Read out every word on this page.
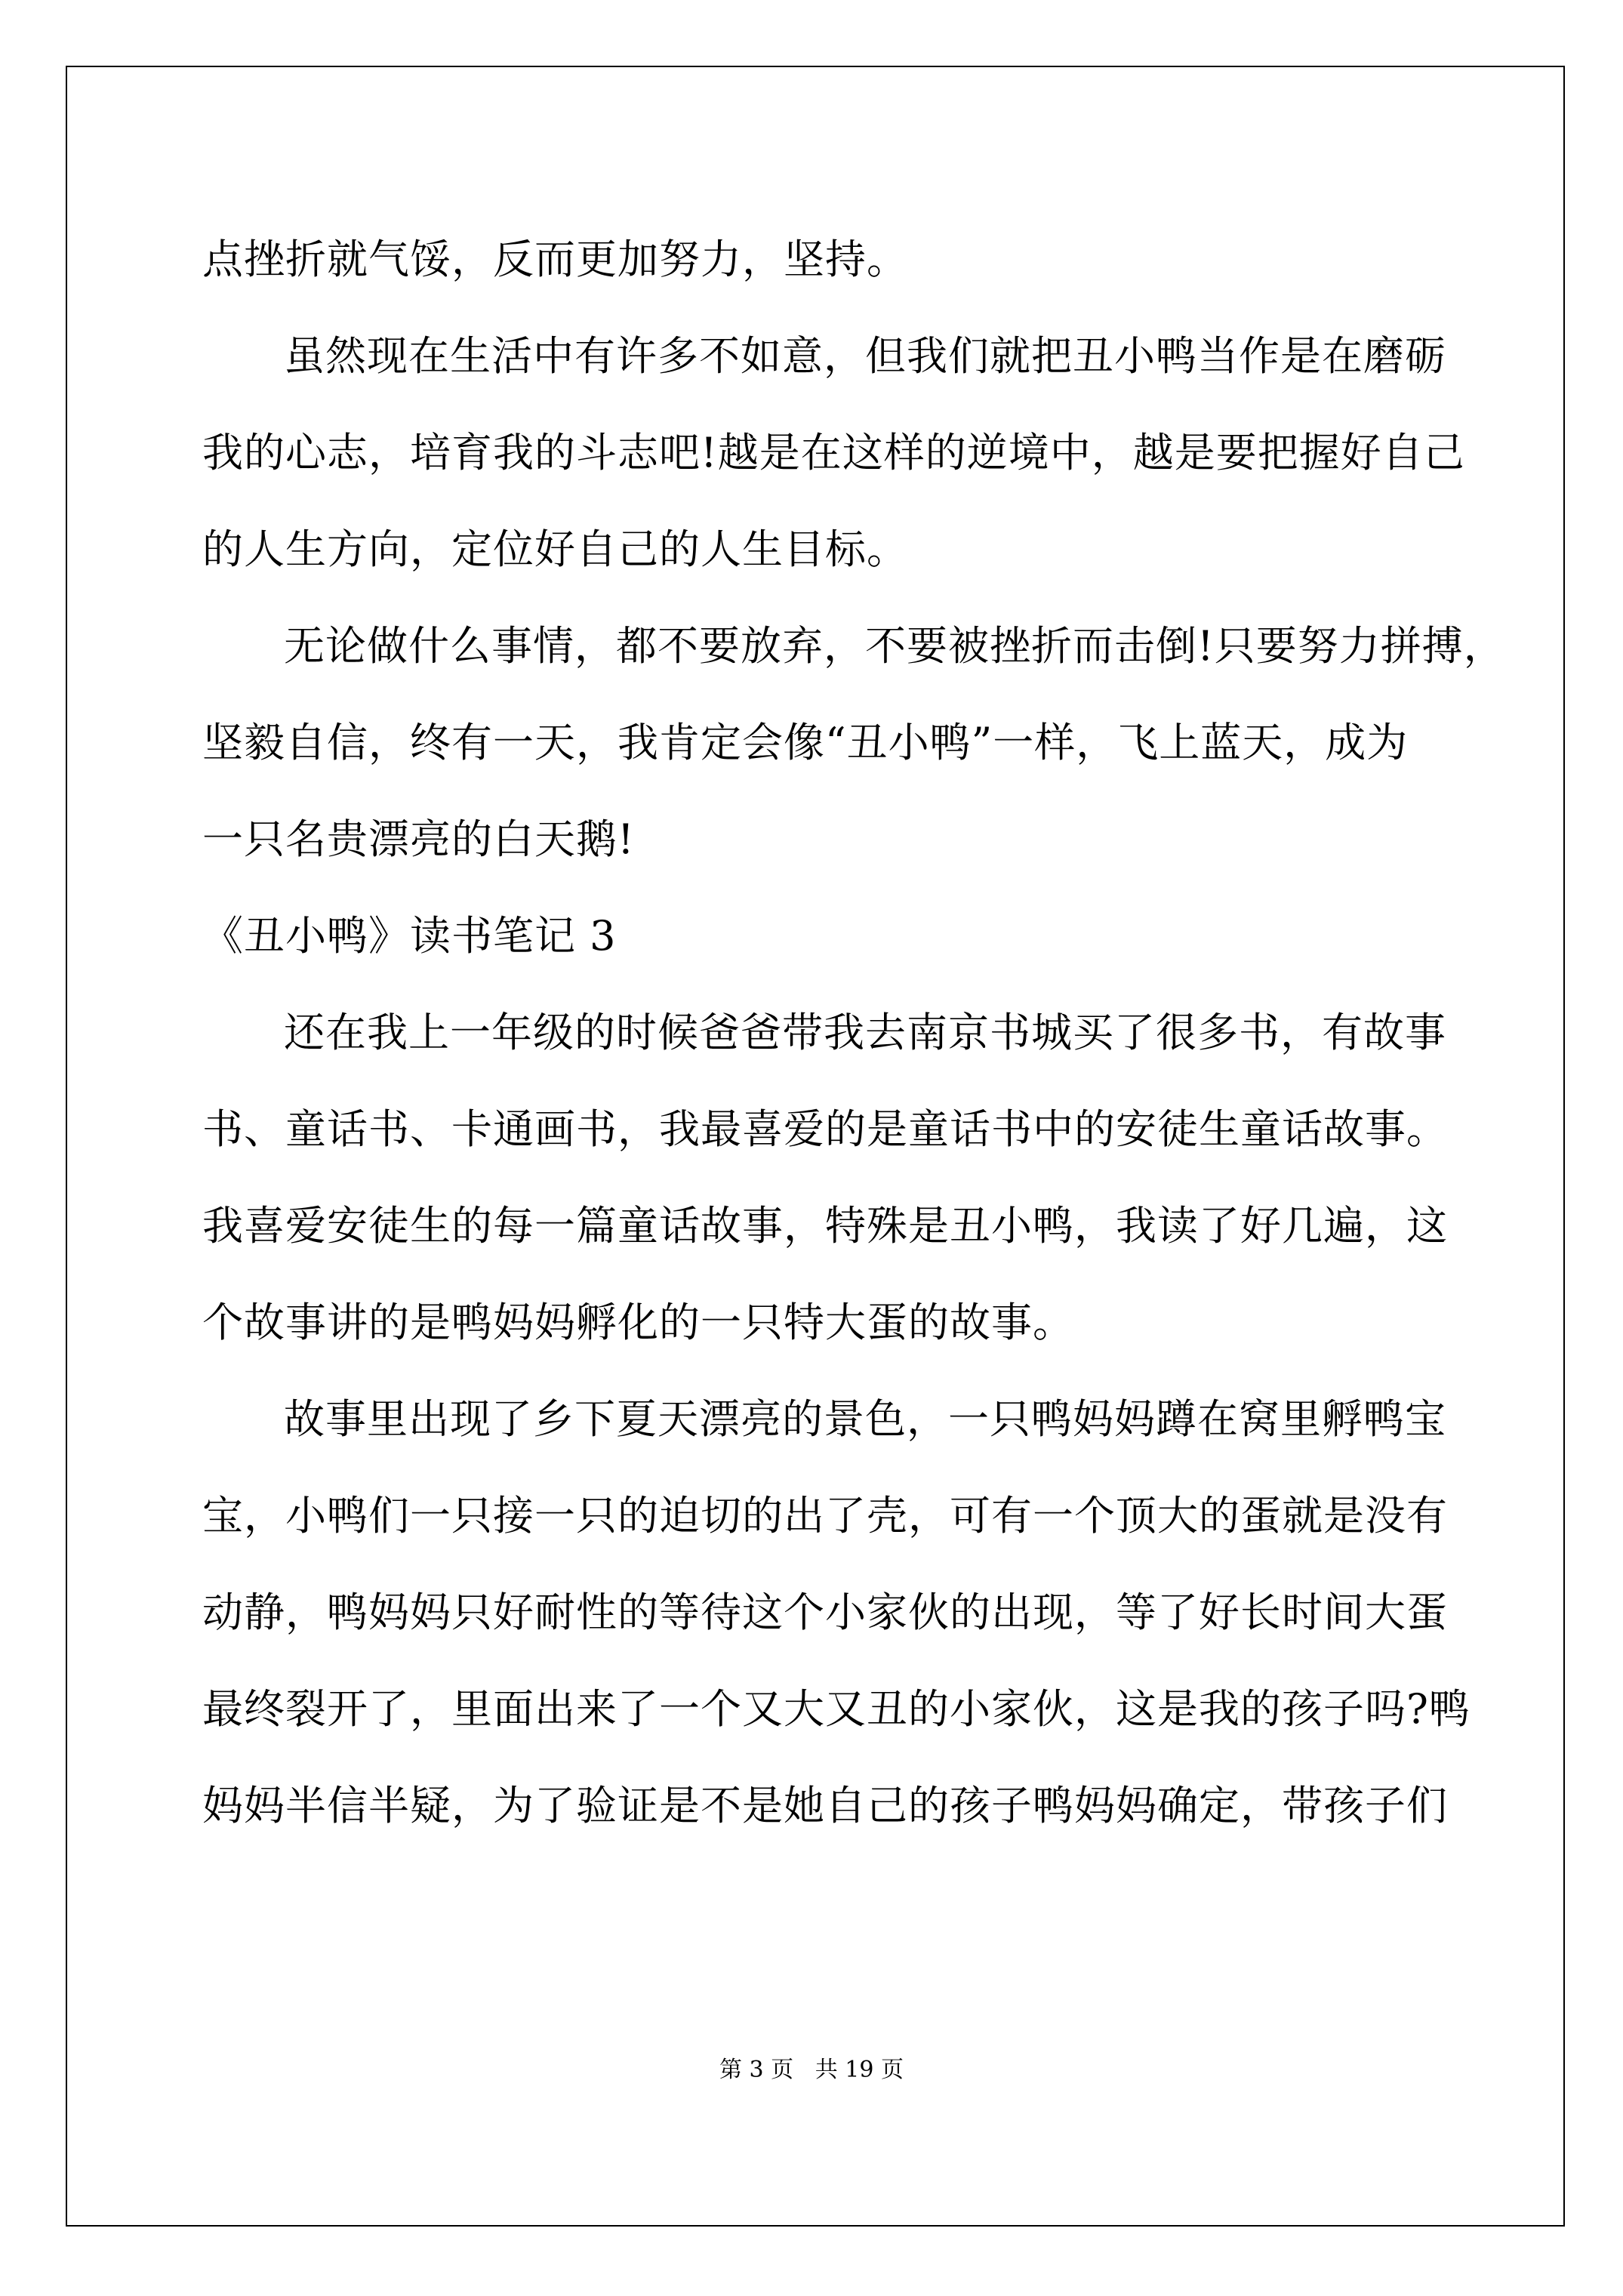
点挫折就气馁，反而更加努力，坚持。
虽然现在生活中有许多不如意，但我们就把丑小鸭当作是在磨砺
我的心志，培育我的斗志吧!越是在这样的逆境中，越是要把握好自己
的人生方向，定位好自己的人生目标。
无论做什么事情，都不要放弃，不要被挫折而击倒!只要努力拼搏，
坚毅自信，终有一天，我肯定会像“丑小鸭”一样，飞上蓝天，成为
一只名贵漂亮的白天鹅!
《丑小鸭》读书笔记 3
还在我上一年级的时候爸爸带我去南京书城买了很多书，有故事
书、童话书、卡通画书，我最喜爱的是童话书中的安徒生童话故事。
我喜爱安徒生的每一篇童话故事，特殊是丑小鸭，我读了好几遍，这
个故事讲的是鸭妈妈孵化的一只特大蛋的故事。
故事里出现了乡下夏天漂亮的景色，一只鸭妈妈蹲在窝里孵鸭宝
宝，小鸭们一只接一只的迫切的出了壳，可有一个顶大的蛋就是没有
动静，鸭妈妈只好耐性的等待这个小家伙的出现，等了好长时间大蛋
最终裂开了，里面出来了一个又大又丑的小家伙，这是我的孩子吗?鸭
妈妈半信半疑，为了验证是不是她自己的孩子鸭妈妈确定，带孩子们
第 3 页   共 19 页
